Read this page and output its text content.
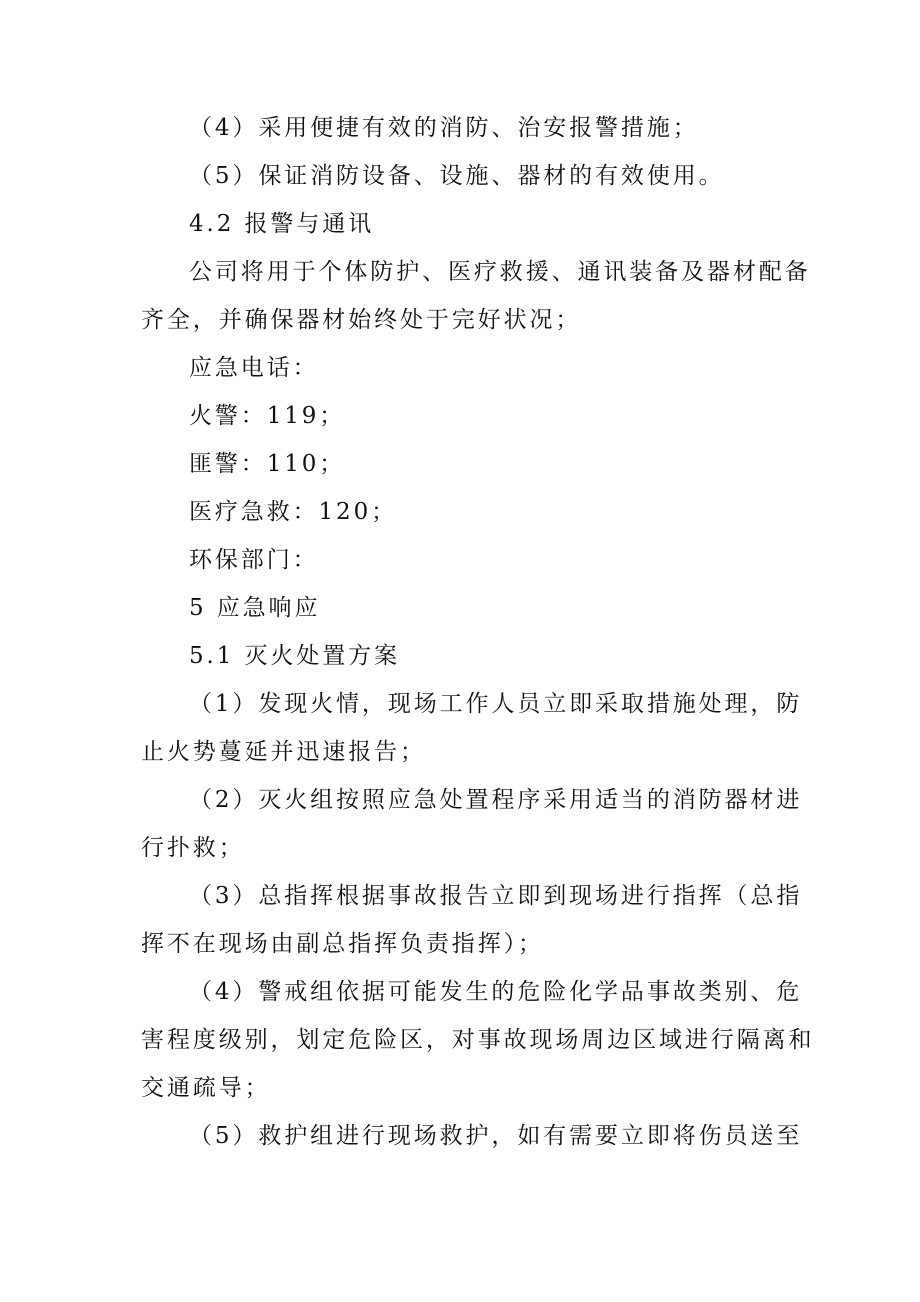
（4）采用便捷有效的消防、治安报警措施；
（5）保证消防设备、设施、器材的有效使用。
4.2 报警与通讯
公司将用于个体防护、医疗救援、通讯装备及器材配备
齐全，并确保器材始终处于完好状况；
应急电话：
火警：119；
匪警：110；
医疗急救：120；
环保部门：
5 应急响应
5.1 灭火处置方案
（1）发现火情，现场工作人员立即采取措施处理，防
止火势蔓延并迅速报告；
（2）灭火组按照应急处置程序采用适当的消防器材进
行扑救；
（3）总指挥根据事故报告立即到现场进行指挥（总指
挥不在现场由副总指挥负责指挥）；
（4）警戒组依据可能发生的危险化学品事故类别、危
害程度级别，划定危险区，对事故现场周边区域进行隔离和
交通疏导；
（5）救护组进行现场救护，如有需要立即将伤员送至
